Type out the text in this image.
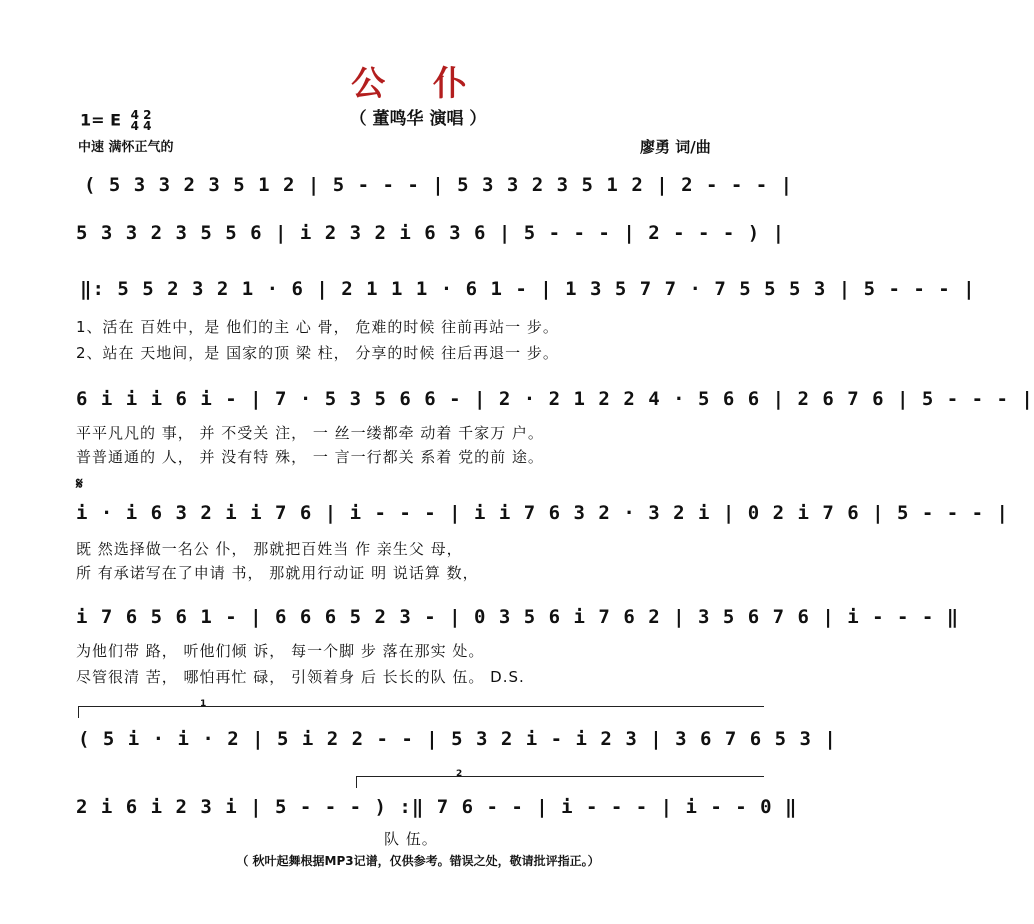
公 仆
（ 董鸣华 演唱 ）
1= E 4 2
4 4
中速 满怀正气的	廖勇 词/曲
( 5 3 3 2 3 5 1 2 | 5 - - - | 5 3 3 2 3 5 1 2 | 2 - - - |
5 3 3 2 3 5 5 6 | i 2 3 2 i 6 3 6 | 5 - - - | 2 - - - ) |
‖: 5 5 2 3 2 1 · 6 | 2 1 1 1 · 6 1 - | 1 3 5 7 7 · 7 5 5 5 3 | 5 - - - |
1、活在 百姓中，是 他们的主 心 骨， 危难的时候 往前再站一 步。
2、站在 天地间，是 国家的顶 梁 柱， 分享的时候 往后再退一 步。
6 i i i 6 i - | 7 · 5 3 5 6 6 - | 2 · 2 1 2 2 4 · 5 6 6 | 2 6 7 6 | 5 - - - |
平平凡凡的 事， 并 不受关 注， 一 丝一缕都牵 动着 千家万 户。
普普通通的 人， 并 没有特 殊， 一 言一行都关 系着 党的前 途。
𝄋
i · i 6 3 2 i i 7 6 | i - - - | i i 7 6 3 2 · 3 2 i | 0 2 i 7 6 | 5 - - - |
既 然选择做一名公 仆， 那就把百姓当 作 亲生父 母，
所 有承诺写在了申请 书， 那就用行动证 明 说话算 数，
i 7 6 5 6 1 - | 6 6 6 5 2 3 - | 0 3 5 6 i 7 6 2 | 3 5 6 7 6 | i - - - ‖
为他们带 路， 听他们倾 诉， 每一个脚 步 落在那实 处。
尽管很清 苦， 哪怕再忙 碌， 引领着身 后 长长的队 伍。 D.S.
1
( 5 i · i · 2 | 5 i 2 2 - - | 5 3 2 i - i 2 3 | 3 6 7 6 5 3 |
2
2 i 6 i 2 3 i | 5 - - - ) :‖ 7 6 - - | i - - - | i - - 0 ‖
队 伍。
（ 秋叶起舞根据MP3记谱，仅供参考。错误之处，敬请批评指正。）
